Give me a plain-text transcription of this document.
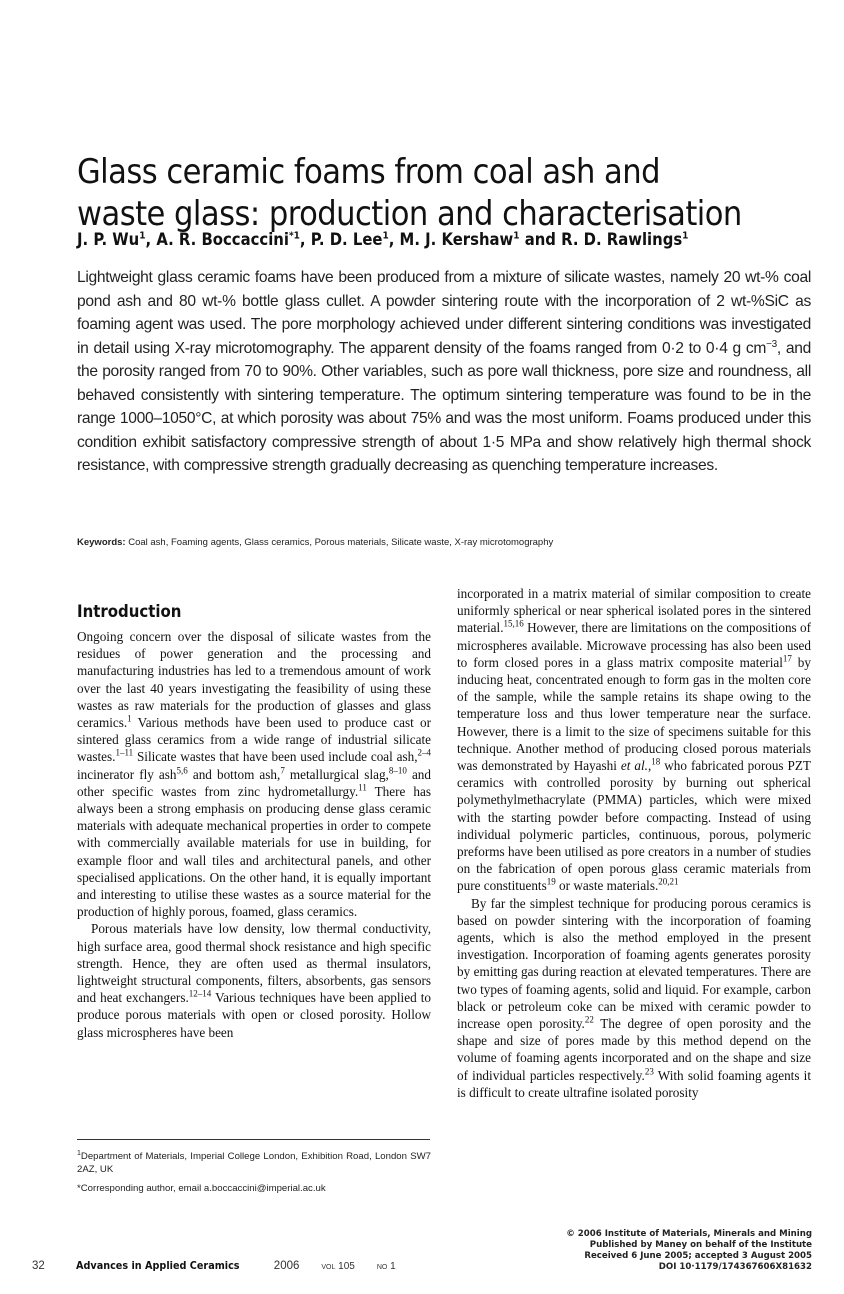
Glass ceramic foams from coal ash and waste glass: production and characterisation
J. P. Wu$^1$, A. R. Boccaccini$^{*1}$, P. D. Lee$^1$, M. J. Kershaw$^1$ and R. D. Rawlings$^1$
Lightweight glass ceramic foams have been produced from a mixture of silicate wastes, namely 20 wt-% coal pond ash and 80 wt-% bottle glass cullet. A powder sintering route with the incorporation of 2 wt-%SiC as foaming agent was used. The pore morphology achieved under different sintering conditions was investigated in detail using X-ray microtomography. The apparent density of the foams ranged from 0·2 to 0·4 g $cm^{-3}$, and the porosity ranged from 70 to 90%. Other variables, such as pore wall thickness, pore size and roundness, all behaved consistently with sintering temperature. The optimum sintering temperature was found to be in the range 1000–1050°C, at which porosity was about 75% and was the most uniform. Foams produced under this condition exhibit satisfactory compressive strength of about 1·5 MPa and show relatively high thermal shock resistance, with compressive strength gradually decreasing as quenching temperature increases.
Keywords: Coal ash, Foaming agents, Glass ceramics, Porous materials, Silicate waste, X-ray microtomography
Introduction

Ongoing concern over the disposal of silicate wastes from the residues of power generation and the processing and manufacturing industries has led to a tremendous amount of work over the last 40 years investigating the feasibility of using these wastes as raw materials for the production of glasses and glass ceramics.$^1$ Various methods have been used to produce cast or sintered glass ceramics from a wide range of industrial silicate wastes.$^{1-11}$ Silicate wastes that have been used include coal ash,$^{2-4}$ incinerator fly ash$^{5,6}$ and bottom ash,$^7$ metallurgical slag,$^{8-10}$ and other specific wastes from zinc hydrometallurgy.$^{11}$ There has always been a strong emphasis on producing dense glass ceramic materials with adequate mechanical properties in order to compete with commercially available materials for use in building, for example floor and wall tiles and architectural panels, and other specialised applications. On the other hand, it is equally important and interesting to utilise these wastes as a source material for the production of highly porous, foamed, glass ceramics.

Porous materials have low density, low thermal conductivity, high surface area, good thermal shock resistance and high specific strength. Hence, they are often used as thermal insulators, lightweight structural components, filters, absorbents, gas sensors and heat exchangers.$^{12-14}$ Various techniques have been applied to produce porous materials with open or closed porosity. Hollow glass microspheres have been

incorporated in a matrix material of similar composition to create uniformly spherical or near spherical isolated pores in the sintered material.$^{15,16}$ However, there are limitations on the compositions of microspheres available. Microwave processing has also been used to form closed pores in a glass matrix composite material$^{17}$ by inducing heat, concentrated enough to form gas in the molten core of the sample, while the sample retains its shape owing to the temperature loss and thus lower temperature near the surface. However, there is a limit to the size of specimens suitable for this technique. Another method of producing closed porous materials was demonstrated by Hayashi et al.,$^{18}$ who fabricated porous PZT ceramics with controlled porosity by burning out spherical polymethylmethacrylate (PMMA) particles, which were mixed with the starting powder before compacting. Instead of using individual polymeric particles, continuous, porous, polymeric preforms have been utilised as pore creators in a number of studies on the fabrication of open porous glass ceramic materials from pure constituents$^{19}$ or waste materials.$^{20,21}$

By far the simplest technique for producing porous ceramics is based on powder sintering with the incorporation of foaming agents, which is also the method employed in the present investigation. Incorporation of foaming agents generates porosity by emitting gas during reaction at elevated temperatures. There are two types of foaming agents, solid and liquid. For example, carbon black or petroleum coke can be mixed with ceramic powder to increase open porosity.$^{22}$ The degree of open porosity and the shape and size of pores made by this method depend on the volume of foaming agents incorporated and on the shape and size of individual particles respectively.$^{23}$ With solid foaming agents it is difficult to create ultrafine isolated porosity

$^1$Department of Materials, Imperial College London, Exhibition Road, London SW7 2AZ, UK
*Corresponding author, email a.boccaccini@imperial.ac.uk
32	Advances in Applied Ceramics	2006 vol 105 no 1
© 2006 Institute of Materials, Minerals and Mining
Published by Maney on behalf of the Institute
Received 6 June 2005; accepted 3 August 2005
DOI 10·1179/174367606X81632
